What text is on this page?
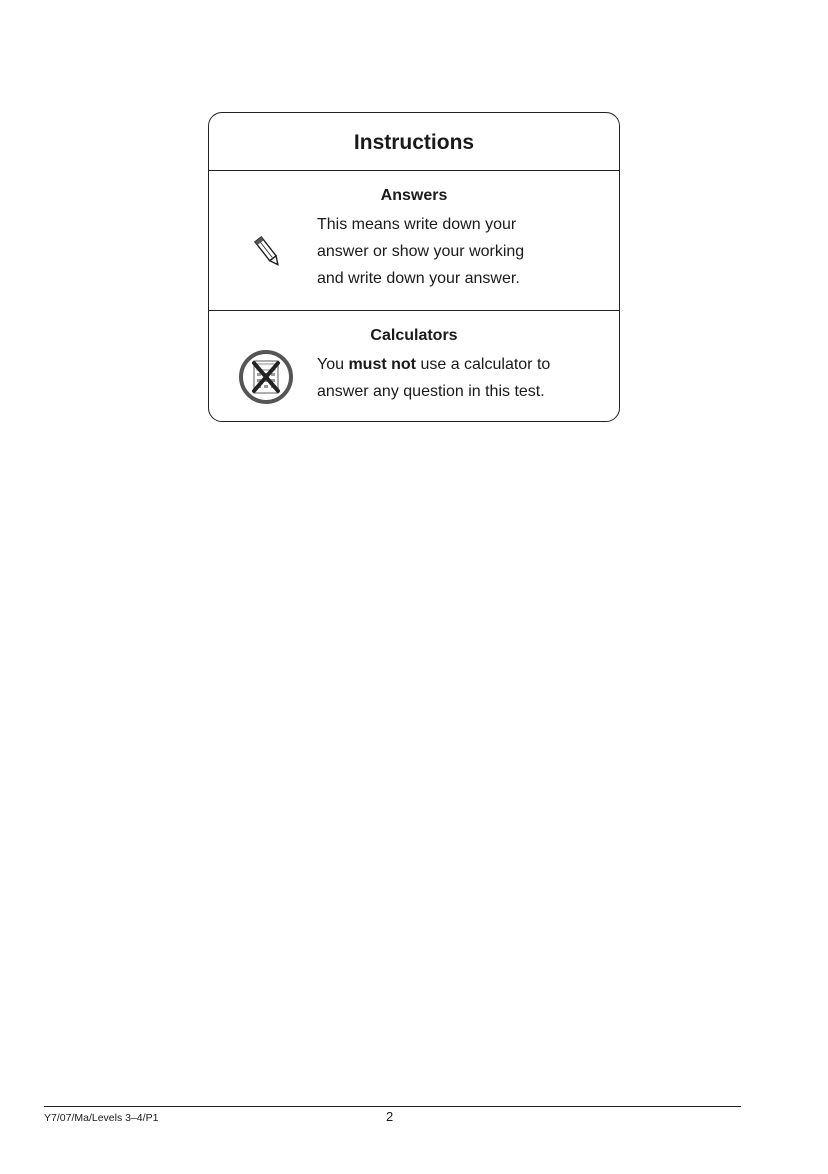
Instructions
Answers

This means write down your

answer or show your working

and write down your answer.

Calculators

You must not use a calculator to

answer any question in this test.

Y7/07/Ma/Levels 3–4/P1	2
